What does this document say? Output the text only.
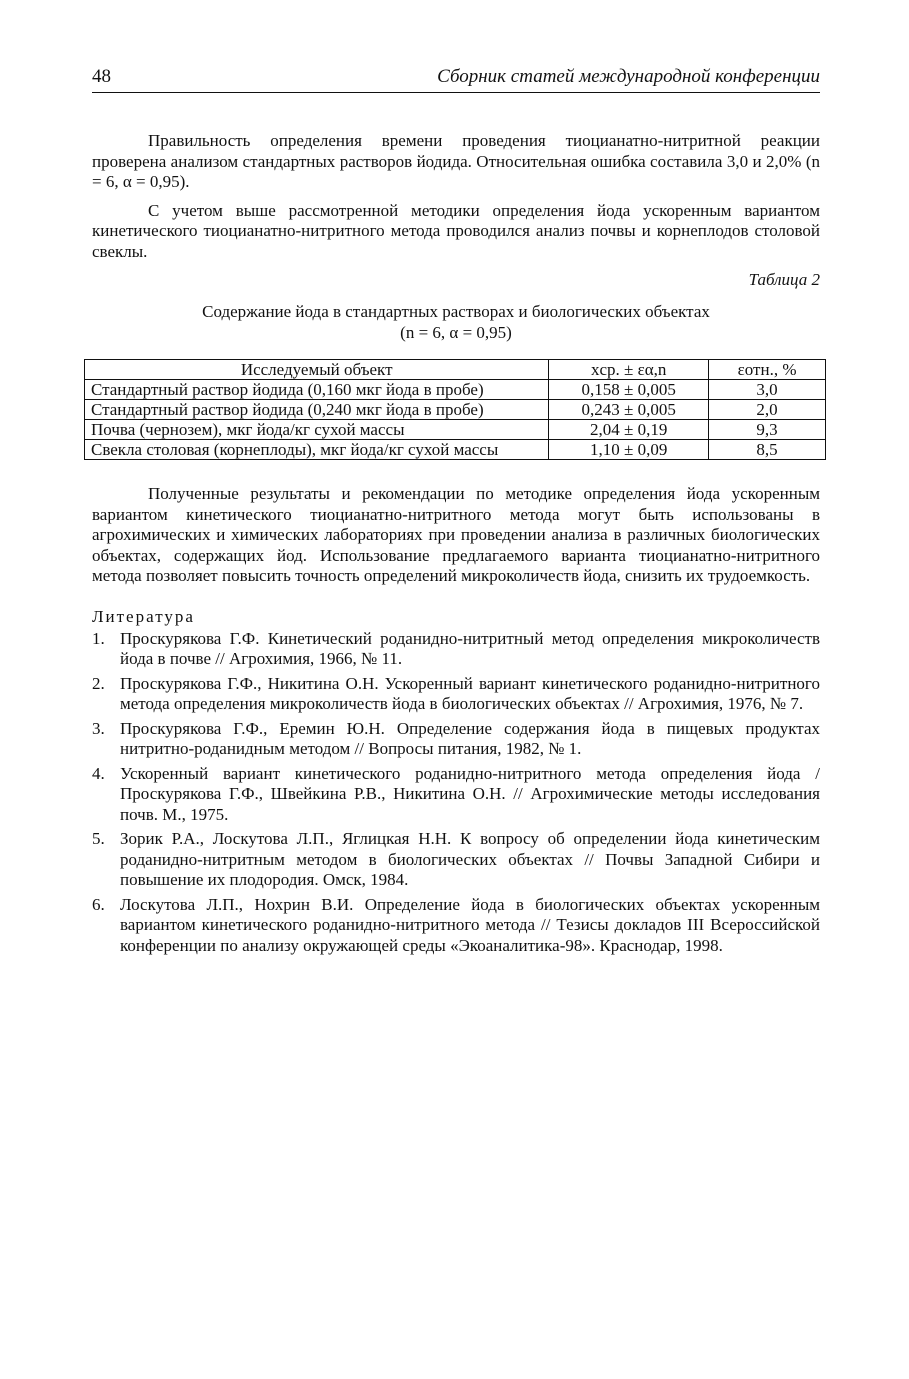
48	Сборник статей международной конференции

Правильность определения времени проведения тиоцианатно-нитритной реакции проверена анализом стандартных растворов йодида. Относительная ошибка составила 3,0 и 2,0% (n = 6, α = 0,95).

С учетом выше рассмотренной методики определения йода ускоренным вариантом кинетического тиоцианатно-нитритного метода проводился анализ почвы и корнеплодов столовой свеклы.

Таблица 2
Содержание йода в стандартных растворах и биологических объектах
(n = 6, α = 0,95)
Исследуемый объект	xср. ± εα,n	εотн., %
Стандартный раствор йодида (0,160 мкг йода в пробе)	0,158 ± 0,005	3,0
Стандартный раствор йодида (0,240 мкг йода в пробе)	0,243 ± 0,005	2,0
Почва (чернозем), мкг йода/кг сухой массы	2,04 ± 0,19	9,3
Свекла столовая (корнеплоды), мкг йода/кг сухой массы	1,10 ± 0,09	8,5

Полученные результаты и рекомендации по методике определения йода ускоренным вариантом кинетического тиоцианатно-нитритного метода могут быть использованы в агрохимических и химических лабораториях при проведении анализа в различных биологических объектах, содержащих йод. Использование предлагаемого варианта тиоцианатно-нитритного метода позволяет повысить точность определений микроколичеств йода, снизить их трудоемкость.

Литература
1. Проскурякова Г.Ф. Кинетический роданидно-нитритный метод определения микроколичеств йода в почве // Агрохимия, 1966, № 11.
2. Проскурякова Г.Ф., Никитина О.Н. Ускоренный вариант кинетического роданидно-нитритного метода определения микроколичеств йода в биологических объектах // Агрохимия, 1976, № 7.
3. Проскурякова Г.Ф., Еремин Ю.Н. Определение содержания йода в пищевых продуктах нитритно-роданидным методом // Вопросы питания, 1982, № 1.
4. Ускоренный вариант кинетического роданидно-нитритного метода определения йода / Проскурякова Г.Ф., Швейкина Р.В., Никитина О.Н. // Агрохимические методы исследования почв. М., 1975.
5. Зорик Р.А., Лоскутова Л.П., Яглицкая Н.Н. К вопросу об определении йода кинетическим роданидно-нитритным методом в биологических объектах // Почвы Западной Сибири и повышение их плодородия. Омск, 1984.
6. Лоскутова Л.П., Нохрин В.И. Определение йода в биологических объектах ускоренным вариантом кинетического роданидно-нитритного метода // Тезисы докладов III Всероссийской конференции по анализу окружающей среды «Экоаналитика-98». Краснодар, 1998.
